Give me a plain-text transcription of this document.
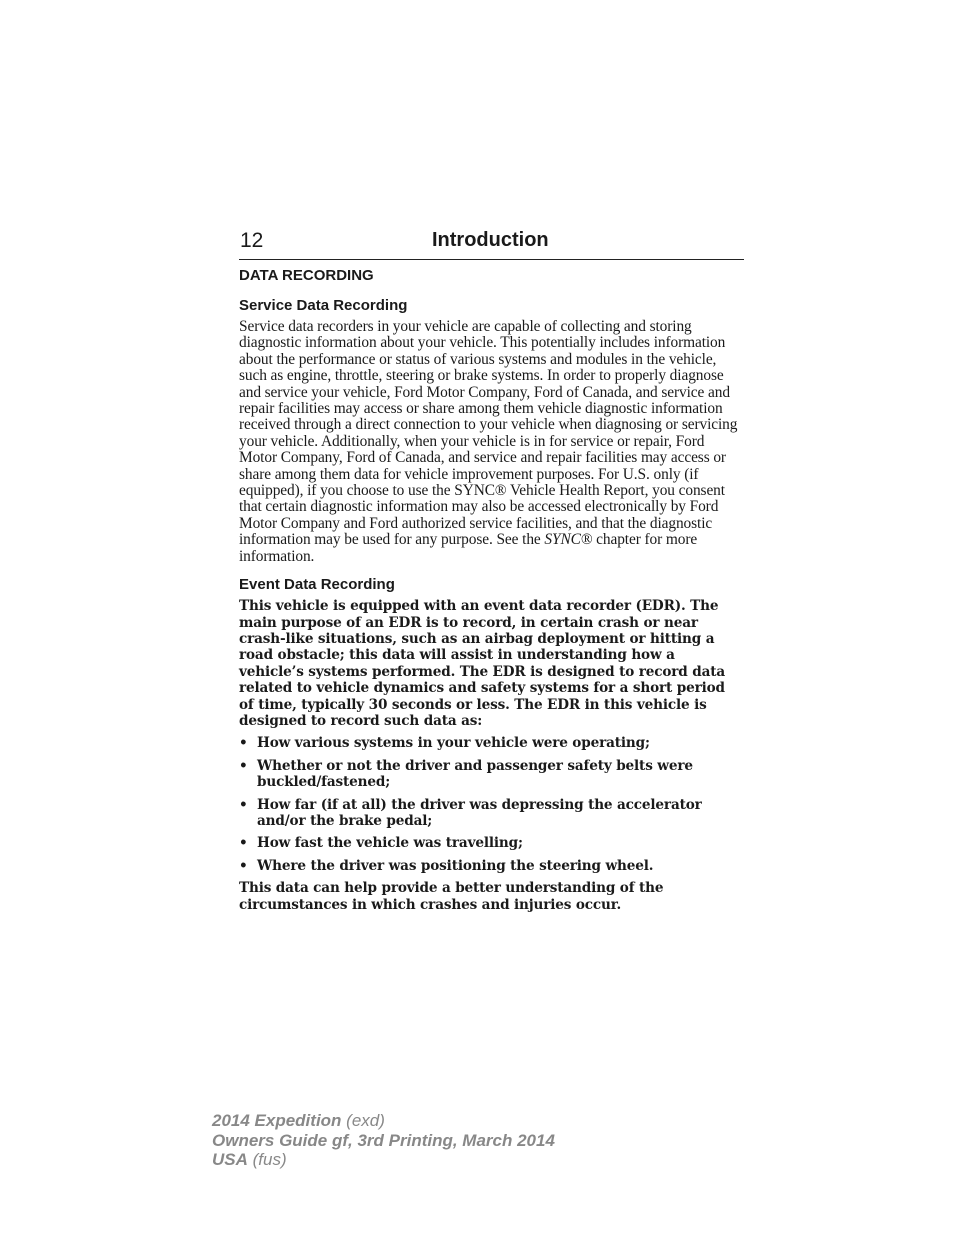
12	Introduction
DATA RECORDING
Service Data Recording

Service data recorders in your vehicle are capable of collecting and storing diagnostic information about your vehicle. This potentially includes information about the performance or status of various systems and modules in the vehicle, such as engine, throttle, steering or brake systems. In order to properly diagnose and service your vehicle, Ford Motor Company, Ford of Canada, and service and repair facilities may access or share among them vehicle diagnostic information received through a direct connection to your vehicle when diagnosing or servicing your vehicle. Additionally, when your vehicle is in for service or repair, Ford Motor Company, Ford of Canada, and service and repair facilities may access or share among them data for vehicle improvement purposes. For U.S. only (if equipped), if you choose to use the SYNC® Vehicle Health Report, you consent that certain diagnostic information may also be accessed electronically by Ford Motor Company and Ford authorized service facilities, and that the diagnostic information may be used for any purpose. See the SYNC® chapter for more information.

Event Data Recording

This vehicle is equipped with an event data recorder (EDR). The main purpose of an EDR is to record, in certain crash or near crash-like situations, such as an airbag deployment or hitting a road obstacle; this data will assist in understanding how a vehicle’s systems performed. The EDR is designed to record data related to vehicle dynamics and safety systems for a short period of time, typically 30 seconds or less. The EDR in this vehicle is designed to record such data as:

• How various systems in your vehicle were operating;
• Whether or not the driver and passenger safety belts were buckled/fastened;
• How far (if at all) the driver was depressing the accelerator and/or the brake pedal;
• How fast the vehicle was travelling;
• Where the driver was positioning the steering wheel.

This data can help provide a better understanding of the circumstances in which crashes and injuries occur.

2014 Expedition (exd)
Owners Guide gf, 3rd Printing, March 2014
USA (fus)
